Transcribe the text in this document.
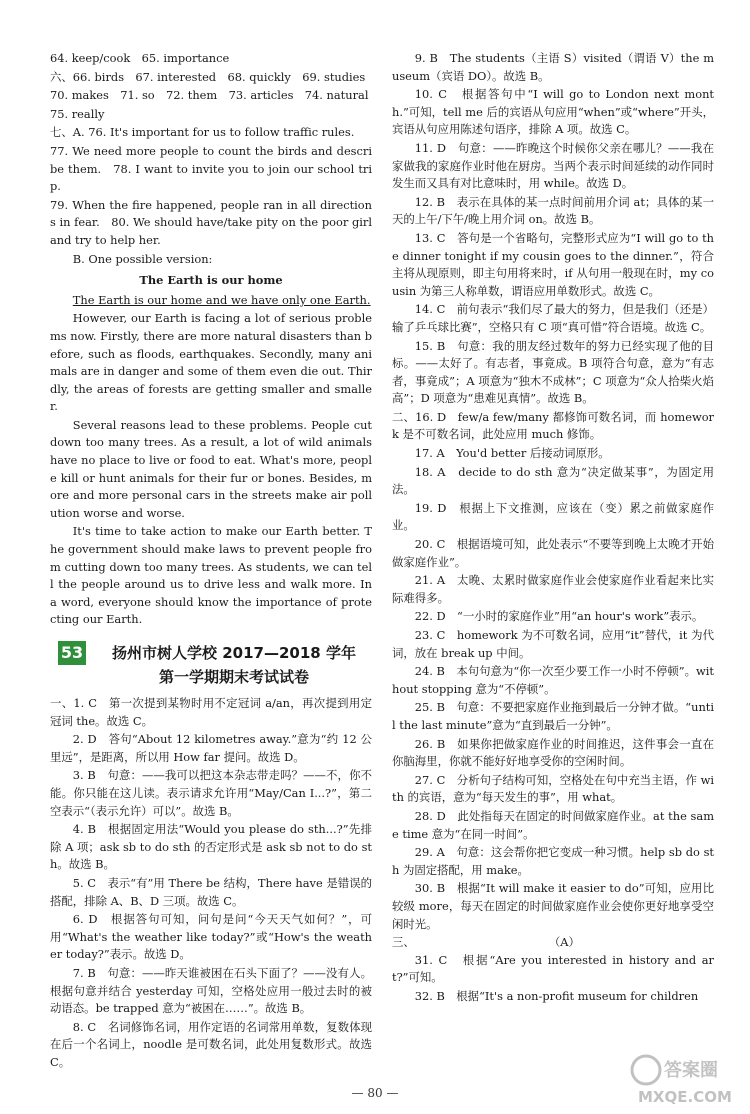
64. keep/cook　65. importance

六、66. birds　67. interested　68. quickly　69. studies

70. makes　71. so　72. them　73. articles　74. natural

75. really

七、A. 76. It's important for us to follow traffic rules.

77. We need more people to count the birds and describe them.　78. I want to invite you to join our school trip.

79. When the fire happened, people ran in all directions in fear.　80. We should have/take pity on the poor girl and try to help her.

B. One possible version:

The Earth is our home

The Earth is our home and we have only one Earth.

However, our Earth is facing a lot of serious problems now. Firstly, there are more natural disasters than before, such as floods, earthquakes. Secondly, many animals are in danger and some of them even die out. Thirdly, the areas of forests are getting smaller and smaller.

Several reasons lead to these problems. People cut down too many trees. As a result, a lot of wild animals have no place to live or food to eat. What's more, people kill or hunt animals for their fur or bones. Besides, more and more personal cars in the streets make air pollution worse and worse.

It's time to take action to make our Earth better. The government should make laws to prevent people from cutting down too many trees. As students, we can tell the people around us to drive less and walk more. In a word, everyone should know the importance of protecting our Earth.

53	扬州市树人学校 2017—2018 学年
第一学期期末考试试卷

一、1. C　第一次提到某物时用不定冠词 a/an，再次提到用定冠词 the。故选 C。

2. D　答句“About 12 kilometres away.”意为“约 12 公里远”，是距离，所以用 How far 提问。故选 D。

3. B　句意：——我可以把这本杂志带走吗？——不，你不能。你只能在这儿读。表示请求允许用“May/Can I...?”，第二空表示“（表示允许）可以”。故选 B。

4. B　根据固定用法“Would you please do sth...?”先排除 A 项；ask sb to do sth 的否定形式是 ask sb not to do sth。故选 B。

5. C　表示“有”用 There be 结构，There have 是错误的搭配，排除 A、B、D 三项。故选 C。

6. D　根据答句可知，问句是问“今天天气如何？”，可用“What's the weather like today?”或“How's the weather today?”表示。故选 D。

7. B　句意：——昨天谁被困在石头下面了？——没有人。根据句意并结合 yesterday 可知，空格处应用一般过去时的被动语态。be trapped 意为“被困在……”。故选 B。

8. C　名词修饰名词，用作定语的名词常用单数，复数体现在后一个名词上，noodle 是可数名词，此处用复数形式。故选 C。

9. B　The students（主语 S）visited（谓语 V）the museum（宾语 DO）。故选 B。

10. C　根据答句中“I will go to London next month.”可知，tell me 后的宾语从句应用“when”或“where”开头，宾语从句应用陈述句语序，排除 A 项。故选 C。

11. D　句意：——昨晚这个时候你父亲在哪儿？——我在家做我的家庭作业时他在厨房。当两个表示时间延续的动作同时发生而又具有对比意味时，用 while。故选 D。

12. B　表示在具体的某一点时间前用介词 at；具体的某一天的上午/下午/晚上用介词 on。故选 B。

13. C　答句是一个省略句，完整形式应为“I will go to the dinner tonight if my cousin goes to the dinner.”，符合主将从现原则，即主句用将来时，if 从句用一般现在时，my cousin 为第三人称单数，谓语应用单数形式。故选 C。

14. C　前句表示“我们尽了最大的努力，但是我们（还是）输了乒乓球比赛”，空格只有 C 项“真可惜”符合语境。故选 C。

15. B　句意：我的朋友经过数年的努力已经实现了他的目标。——太好了。有志者，事竟成。B 项符合句意，意为“有志者，事竟成”；A 项意为“独木不成林”；C 项意为“众人拾柴火焰高”；D 项意为“患难见真情”。故选 B。

二、16. D　few/a few/many 都修饰可数名词，而 homework 是不可数名词，此处应用 much 修饰。

17. A　You'd better 后接动词原形。

18. A　decide to do sth 意为“决定做某事”，为固定用法。

19. D　根据上下文推测，应该在（变）累之前做家庭作业。

20. C　根据语境可知，此处表示“不要等到晚上太晚才开始做家庭作业”。

21. A　太晚、太累时做家庭作业会使家庭作业看起来比实际难得多。

22. D　“一小时的家庭作业”用“an hour's work”表示。

23. C　homework 为不可数名词，应用“it”替代，it 为代词，放在 break up 中间。

24. B　本句句意为“你一次至少要工作一小时不停顿”。without stopping 意为“不停顿”。

25. B　句意：不要把家庭作业拖到最后一分钟才做。“until the last minute”意为“直到最后一分钟”。

26. B　如果你把做家庭作业的时间推迟，这件事会一直在你脑海里，你就不能好好地享受你的空闲时间。

27. C　分析句子结构可知，空格处在句中充当主语，作 with 的宾语，意为“每天发生的事”，用 what。

28. D　此处指每天在固定的时间做家庭作业。at the same time 意为“在同一时间”。

29. A　句意：这会帮你把它变成一种习惯。help sb do sth 为固定搭配，用 make。

30. B　根据“It will make it easier to do”可知，应用比较级 more，每天在固定的时间做家庭作业会使你更好地享受空闲时光。

三、	（A）

31. C　根据“Are you interested in history and art?”可知。

32. B　根据“It's a non-profit museum for children

— 80 —
答案圈
MXQE.COM
